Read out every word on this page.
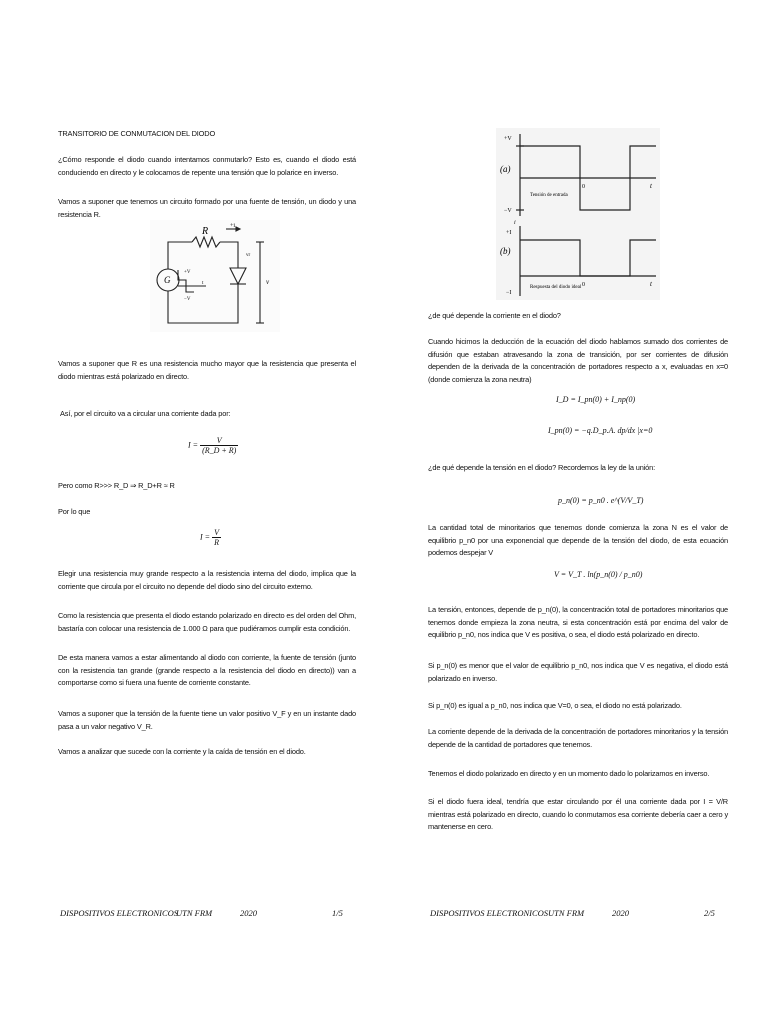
TRANSITORIO DE CONMUTACION DEL DIODO
¿Cómo responde el diodo cuando intentamos conmutarlo? Esto es, cuando el diodo está conduciendo en directo y le colocamos de repente una tensión que lo polarice en inverso.
Vamos a suponer que tenemos un circuito formado por una fuente de tensión, un diodo y una resistencia R.
R	+i
G
+V
−V
t	v
vr
Vamos a suponer que R es una resistencia mucho mayor que la resistencia que presenta el diodo mientras está polarizado en directo.
Así, por el circuito va a circular una corriente dada por:
$I = \frac{V}{(R\_D + R)}$
Pero como R>>> R_D ⇒ R_D+R ≈ R
Por lo que
$I = \frac{V}{R}$
Elegir una resistencia muy grande respecto a la resistencia interna del diodo, implica que la corriente que circula por el circuito no depende del diodo sino del circuito externo.
Como la resistencia que presenta el diodo estando polarizado en directo es del orden del Ohm, bastaría con colocar una resistencia de 1.000 Ω para que pudiéramos cumplir esta condición.
De esta manera vamos a estar alimentando al diodo con corriente, la fuente de tensión (junto con la resistencia tan grande (grande respecto a la resistencia del diodo en directo)) van a comportarse como si fuera una fuente de corriente constante.
Vamos a suponer que la tensión de la fuente tiene un valor positivo V_F y en un instante dado pasa a un valor negativo V_R.
Vamos a analizar que sucede con la corriente y la caída de tensión en el diodo.
DISPOSITIVOS ELECTRONICOS
UTN FRM	2020	1/5
(a)
(b)
+V
−V
t
0
Tensión de entrada
+I
−I
0	t
Respuesta del diodo ideal
i
¿de qué depende la corriente en el diodo?
Cuando hicimos la deducción de la ecuación del diodo hablamos sumado dos corrientes de difusión que estaban atravesando la zona de transición, por ser corrientes de difusión dependen de la derivada de la concentración de portadores respecto a x, evaluadas en x=0 (donde comienza la zona neutra)
I_D = I_pn(0) + I_np(0)
I_pn(0) = −q.D_p.A. dp/dx |x=0
¿de qué depende la tensión en el diodo? Recordemos la ley de la unión:
p_n(0) = p_n0 . e^(V/V_T)
La cantidad total de minoritarios que tenemos donde comienza la zona N es el valor de equilibrio p_n0 por una exponencial que depende de la tensión del diodo, de esta ecuación podemos despejar V
V = V_T . ln(p_n(0) / p_n0)
La tensión, entonces, depende de p_n(0), la concentración total de portadores minoritarios que tenemos donde empieza la zona neutra, si esta concentración está por encima del valor de equilibrio p_n0, nos indica que V es positiva, o sea, el diodo está polarizado en directo.
Si p_n(0) es menor que el valor de equilibrio p_n0, nos indica que V es negativa, el diodo está polarizado en inverso.
Si p_n(0) es igual a p_n0, nos indica que V=0, o sea, el diodo no está polarizado.
La corriente depende de la derivada de la concentración de portadores minoritarios y la tensión depende de la cantidad de portadores que tenemos.
Tenemos el diodo polarizado en directo y en un momento dado lo polarizamos en inverso.
Si el diodo fuera ideal, tendría que estar circulando por él una corriente dada por I = V/R mientras está polarizado en directo, cuando lo conmutamos esa corriente debería caer a cero y mantenerse en cero.
DISPOSITIVOS ELECTRONICOS UTN FRM	2020	2/5
